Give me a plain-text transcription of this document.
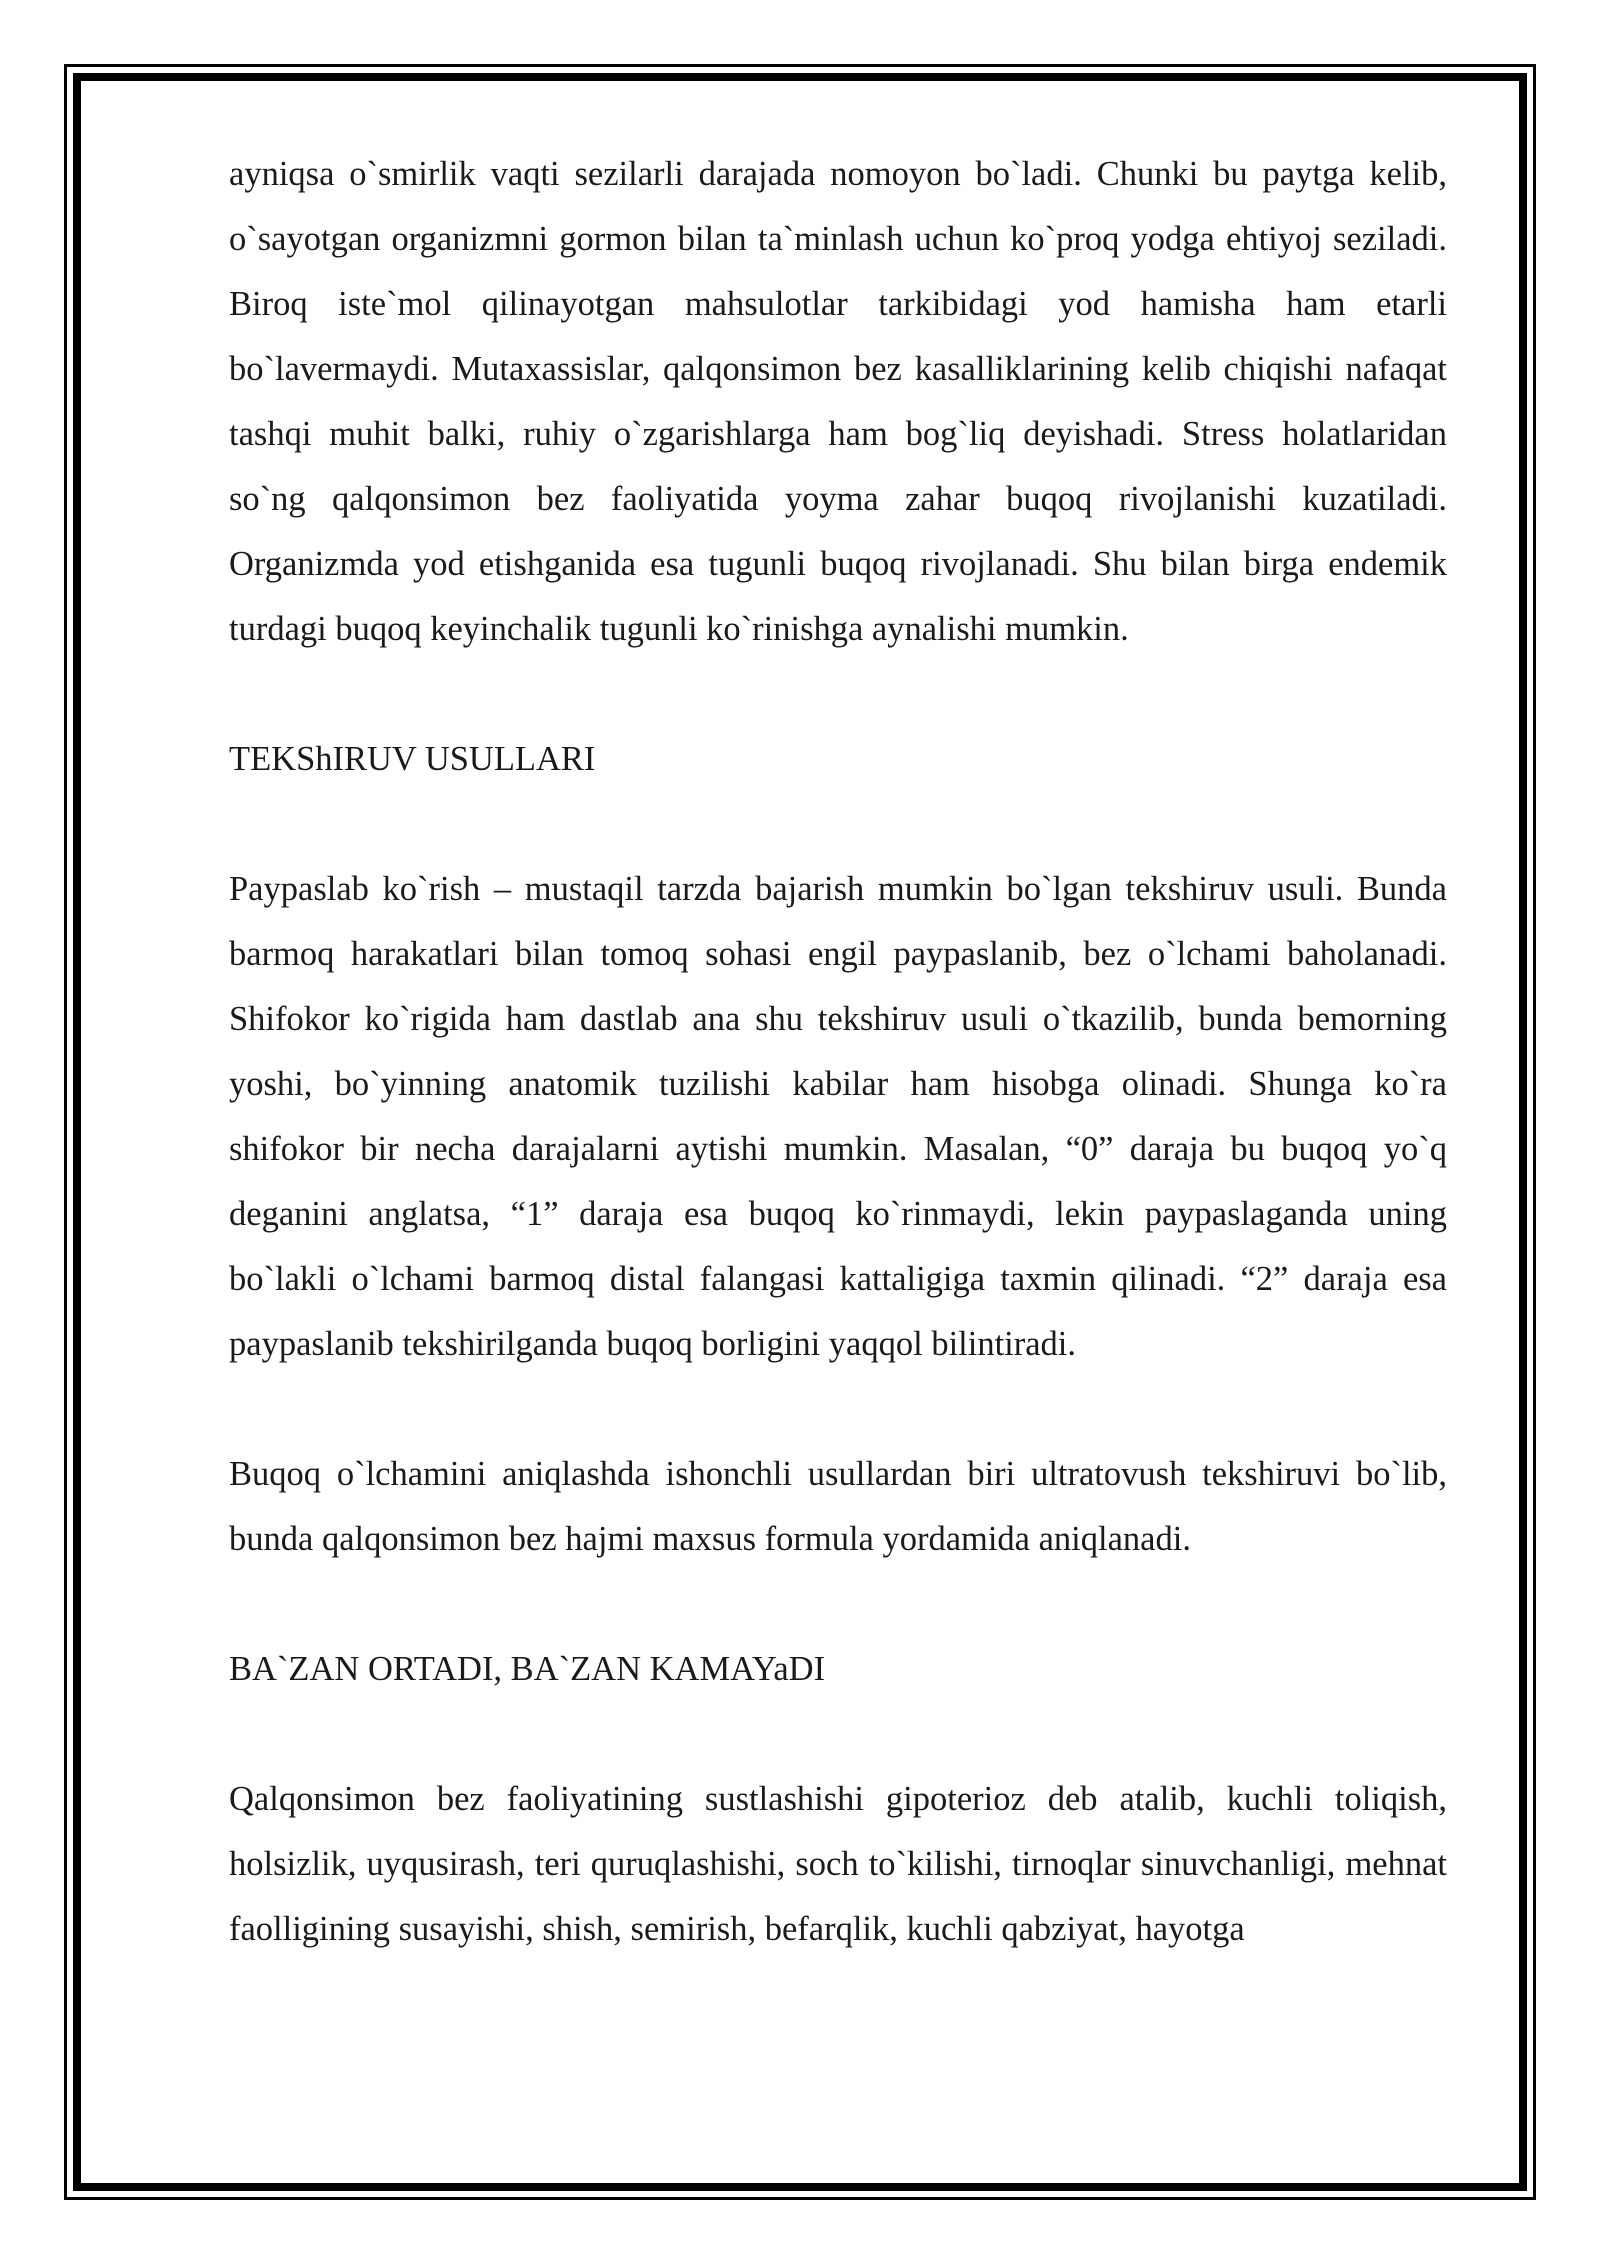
ayniqsa o`smirlik vaqti sezilarli darajada nomoyon bo`ladi. Chunki bu paytga kelib, o`sayotgan organizmni gormon bilan ta`minlash uchun ko`proq yodga ehtiyoj seziladi. Biroq iste`mol qilinayotgan mahsulotlar tarkibidagi yod hamisha ham etarli bo`lavermaydi. Mutaxassislar, qalqonsimon bez kasalliklarining kelib chiqishi nafaqat tashqi muhit balki, ruhiy o`zgarishlarga ham bog`liq deyishadi. Stress holatlaridan so`ng qalqonsimon bez faoliyatida yoyma zahar buqoq rivojlanishi kuzatiladi. Organizmda yod etishganida esa tugunli buqoq rivojlanadi. Shu bilan birga endemik turdagi buqoq keyinchalik tugunli ko`rinishga aynalishi mumkin.

TEKShIRUV USULLARI

Paypaslab ko`rish – mustaqil tarzda bajarish mumkin bo`lgan tekshiruv usuli. Bunda barmoq harakatlari bilan tomoq sohasi engil paypaslanib, bez o`lchami baholanadi. Shifokor ko`rigida ham dastlab ana shu tekshiruv usuli o`tkazilib, bunda bemorning yoshi, bo`yinning anatomik tuzilishi kabilar ham hisobga olinadi. Shunga ko`ra shifokor bir necha darajalarni aytishi mumkin. Masalan, “0” daraja bu buqoq yo`q deganini anglatsa, “1” daraja esa buqoq ko`rinmaydi, lekin paypaslaganda uning bo`lakli o`lchami barmoq distal falangasi kattaligiga taxmin qilinadi. “2” daraja esa paypaslanib tekshirilganda buqoq borligini yaqqol bilintiradi.

Buqoq o`lchamini aniqlashda ishonchli usullardan biri ultratovush tekshiruvi bo`lib, bunda qalqonsimon bez hajmi maxsus formula yordamida aniqlanadi.

BA`ZAN ORTADI, BA`ZAN KAMAYaDI

Qalqonsimon bez faoliyatining sustlashishi gipoterioz deb atalib, kuchli toliqish, holsizlik, uyqusirash, teri quruqlashishi, soch to`kilishi, tirnoqlar sinuvchanligi, mehnat faolligining susayishi, shish, semirish, befarqlik, kuchli qabziyat, hayotga
